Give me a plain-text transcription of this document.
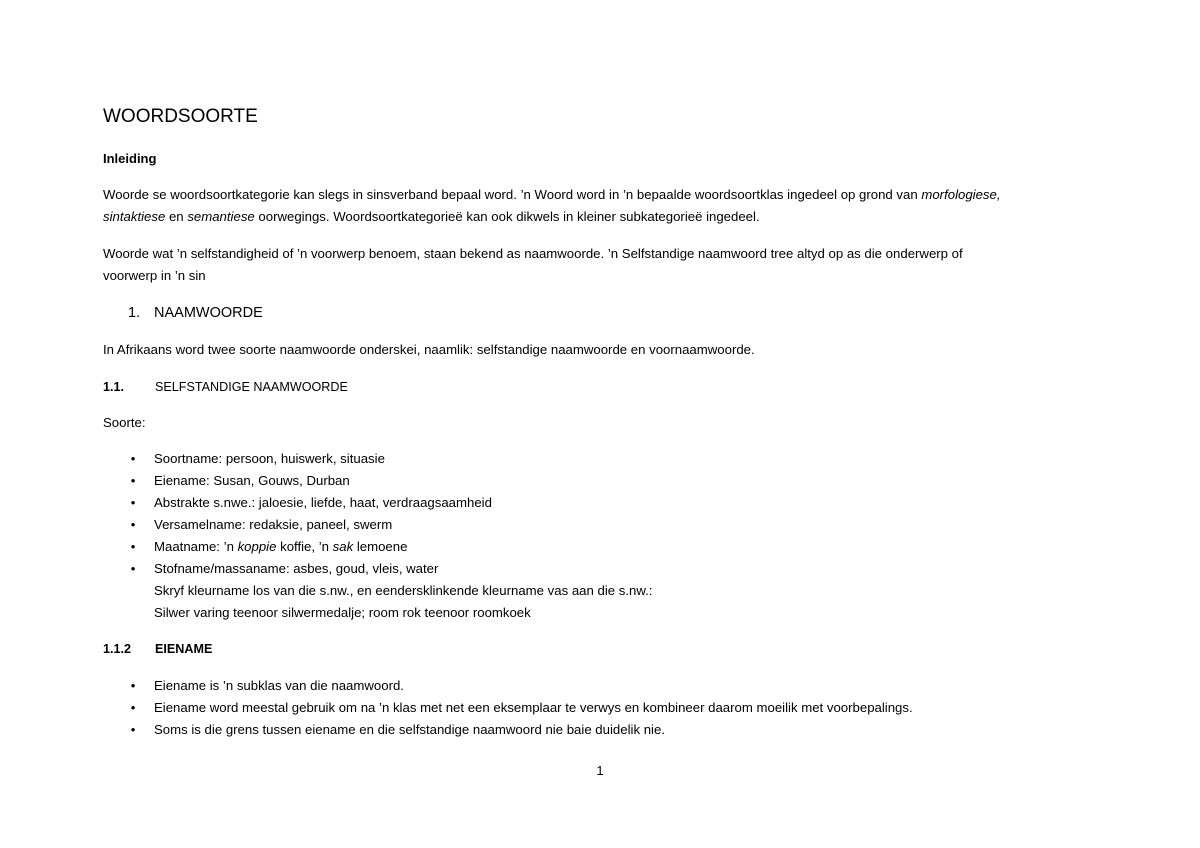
WOORDSOORTE
Inleiding
Woorde se woordsoortkategorie kan slegs in sinsverband bepaal word. ’n Woord word in ’n bepaalde woordsoortklas ingedeel op grond van morfologiese,
sintaktiese en semantiese oorwegings. Woordsoortkategorieë kan ook dikwels in kleiner subkategorieë ingedeel.
Woorde wat ’n selfstandigheid of ’n voorwerp benoem, staan bekend as naamwoorde. ’n Selfstandige naamwoord tree altyd op as die onderwerp of
voorwerp in ’n sin
1. NAAMWOORDE
In Afrikaans word twee soorte naamwoorde onderskei, naamlik: selfstandige naamwoorde en voornaamwoorde.
1.1. SELFSTANDIGE NAAMWOORDE
Soorte:
• Soortname: persoon, huiswerk, situasie
• Eiename: Susan, Gouws, Durban
• Abstrakte s.nwe.: jaloesie, liefde, haat, verdraagsaamheid
• Versamelname: redaksie, paneel, swerm
• Maatname: ’n koppie koffie, ’n sak lemoene
• Stofname/massaname: asbes, goud, vleis, water
Skryf kleurname los van die s.nw., en eendersklinkende kleurname vas aan die s.nw.:
Silwer varing teenoor silwermedalje; room rok teenoor roomkoek
1.1.2 EIENAME
• Eiename is ’n subklas van die naamwoord.
• Eiename word meestal gebruik om na ’n klas met net een eksemplaar te verwys en kombineer daarom moeilik met voorbepalings.
• Soms is die grens tussen eiename en die selfstandige naamwoord nie baie duidelik nie.
1
